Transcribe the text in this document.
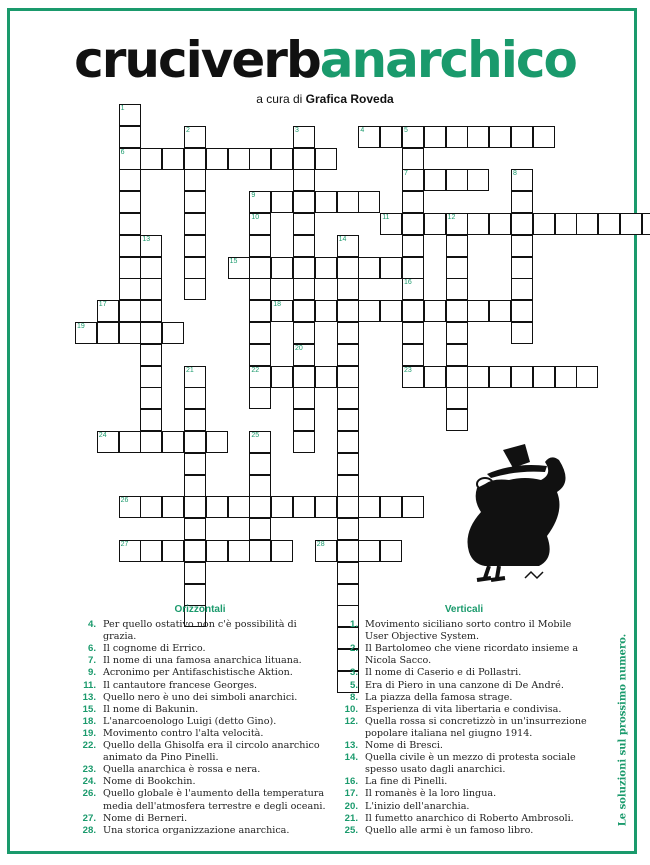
cruciverbanarchico
a cura di Grafica Roveda
1
2	3	4	5
6
7	8
9
10	11	12
13	14
15
16
17	18
19
20
21	22	23
24	25
26
27	28
Orizzontali
4. Per quello ostativo non c'è possibilità di grazia.
6. Il cognome di Errico.
7. Il nome di una famosa anarchica lituana.
9. Acronimo per Antifaschistische Aktion.
11. Il cantautore francese Georges.
13. Quello nero è uno dei simboli anarchici.
15. Il nome di Bakunin.
18. L'anarcoenologo Luigi (detto Gino).
19. Movimento contro l'alta velocità.
22. Quello della Ghisolfa era il circolo anarchico animato da Pino Pinelli.
23. Quella anarchica è rossa e nera.
24. Nome di Bookchin.
26. Quello globale è l'aumento della temperatura media dell'atmosfera terrestre e degli oceani.
27. Nome di Berneri.
28. Una storica organizzazione anarchica.
Verticali
1. Movimento siciliano sorto contro il Mobile User Objective System.
2. Il Bartolomeo che viene ricordato insieme a Nicola Sacco.
3. Il nome di Caserio e di Pollastri.
5. Era di Piero in una canzone di De André.
8. La piazza della famosa strage.
10. Esperienza di vita libertaria e condivisa.
12. Quella rossa si concretizzò in un'insurrezione popolare italiana nel giugno 1914.
13. Nome di Bresci.
14. Quella civile è un mezzo di protesta sociale spesso usato dagli anarchici.
16. La fine di Pinelli.
17. Il romanès è la loro lingua.
20. L'inizio dell'anarchia.
21. Il fumetto anarchico di Roberto Ambrosoli.
25. Quello alle armi è un famoso libro.
Le soluzioni sul prossimo numero.
